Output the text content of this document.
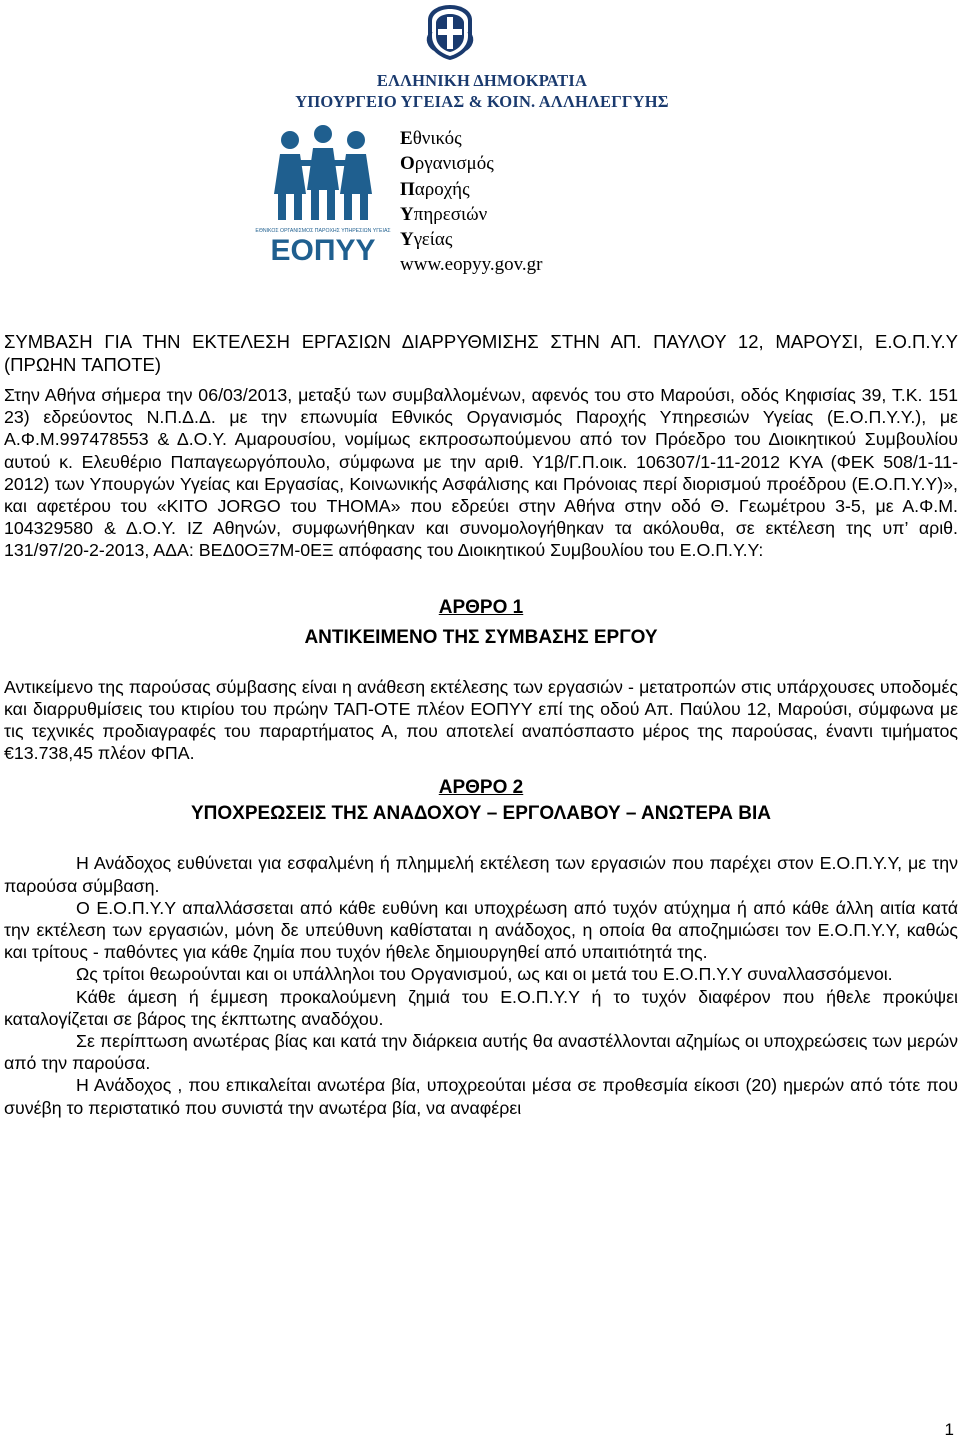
ΕΛΛΗΝΙΚΗ ΔΗΜΟΚΡΑΤΙΑ
ΥΠΟΥΡΓΕΙΟ ΥΓΕΙΑΣ & ΚΟΙΝ. ΑΛΛΗΛΕΓΓΥΗΣ
ΕΘΝΙΚΟΣ ΟΡΓΑΝΙΣΜΟΣ ΠΑΡΟΧΗΣ ΥΠΗΡΕΣΙΩΝ ΥΓΕΙΑΣ
ΕΟΠΥΥ
Εθνικός
Οργανισμός
Παροχής
Υπηρεσιών
Υγείας
www.eopyy.gov.gr

ΣΥΜΒΑΣΗ ΓΙΑ ΤΗΝ ΕΚΤΕΛΕΣΗ ΕΡΓΑΣΙΩΝ ΔΙΑΡΡΥΘΜΙΣΗΣ ΣΤΗΝ ΑΠ. ΠΑΥΛΟΥ 12, ΜΑΡΟΥΣΙ, Ε.Ο.Π.Υ.Υ (ΠΡΩΗΝ ΤΑΠΟΤΕ)

Στην Αθήνα σήμερα την 06/03/2013, μεταξύ των συμβαλλομένων, αφενός του στο Μαρούσι, οδός Κηφισίας 39, Τ.Κ. 151 23) εδρεύοντος Ν.Π.Δ.Δ. με την επωνυμία Εθνικός Οργανισμός Παροχής Υπηρεσιών Υγείας (Ε.Ο.Π.Υ.Υ.), με Α.Φ.Μ.997478553 & Δ.Ο.Υ. Αμαρουσίου, νομίμως εκπροσωπούμενου από τον Πρόεδρο του Διοικητικού Συμβουλίου αυτού κ. Ελευθέριο Παπαγεωργόπουλο, σύμφωνα με την αριθ. Υ1β/Γ.Π.οικ. 106307/1-11-2012 ΚΥΑ (ΦΕΚ 508/1-11-2012) των Υπουργών Υγείας και Εργασίας, Κοινωνικής Ασφάλισης και Πρόνοιας περί διορισμού προέδρου (Ε.Ο.Π.Υ.Υ)», και αφετέρου του «ΚΙΤΟ JORGO του THOMA» που εδρεύει στην Αθήνα στην οδό Θ. Γεωμέτρου 3-5, με Α.Φ.Μ. 104329580 & Δ.Ο.Υ. ΙΖ Αθηνών, συμφωνήθηκαν και συνομολογήθηκαν τα ακόλουθα, σε εκτέλεση της υπ’ αριθ. 131/97/20-2-2013, ΑΔΑ: ΒΕΔ0ΟΞ7Μ-0ΕΞ απόφασης του Διοικητικού Συμβουλίου του Ε.Ο.Π.Υ.Υ:

ΑΡΘΡΟ 1

ΑΝΤΙΚΕΙΜΕΝΟ ΤΗΣ ΣΥΜΒΑΣΗΣ ΕΡΓΟΥ

Αντικείμενο της παρούσας σύμβασης είναι η ανάθεση εκτέλεσης των εργασιών - μετατροπών στις υπάρχουσες υποδομές και διαρρυθμίσεις του κτιρίου του πρώην ΤΑΠ-ΟΤΕ πλέον ΕΟΠΥΥ επί της οδού Απ. Παύλου 12, Μαρούσι, σύμφωνα με τις τεχνικές προδιαγραφές του παραρτήματος Α, που αποτελεί αναπόσπαστο μέρος της παρούσας, έναντι τιμήματος €13.738,45 πλέον ΦΠΑ.

ΑΡΘΡΟ 2

ΥΠΟΧΡΕΩΣΕΙΣ ΤΗΣ ΑΝΑΔΟΧΟΥ – ΕΡΓΟΛΑΒΟΥ – ΑΝΩΤΕΡΑ ΒΙΑ

Η Ανάδοχος ευθύνεται για εσφαλμένη ή πλημμελή εκτέλεση των εργασιών που παρέχει στον Ε.Ο.Π.Υ.Υ, με την παρούσα σύμβαση.

Ο Ε.Ο.Π.Υ.Υ απαλλάσσεται από κάθε ευθύνη και υποχρέωση από τυχόν ατύχημα ή από κάθε άλλη αιτία κατά την εκτέλεση των εργασιών, μόνη δε υπεύθυνη καθίσταται η ανάδοχος, η οποία θα αποζημιώσει τον Ε.Ο.Π.Υ.Υ, καθώς και τρίτους - παθόντες για κάθε ζημία που τυχόν ήθελε δημιουργηθεί από υπαιτιότητά της.

Ως τρίτοι θεωρούνται και οι υπάλληλοι του Οργανισμού, ως και οι μετά του Ε.Ο.Π.Υ.Υ συναλλασσόμενοι.

Κάθε άμεση ή έμμεση προκαλούμενη ζημιά του Ε.Ο.Π.Υ.Υ ή το τυχόν διαφέρον που ήθελε προκύψει καταλογίζεται σε βάρος της έκπτωτης αναδόχου.

Σε περίπτωση ανωτέρας βίας και κατά την διάρκεια αυτής θα αναστέλλονται αζημίως οι υποχρεώσεις των μερών από την παρούσα.

Η Ανάδοχος , που επικαλείται ανωτέρα βία, υποχρεούται μέσα σε προθεσμία είκοσι (20) ημερών από τότε που συνέβη το περιστατικό που συνιστά την ανωτέρα βία, να αναφέρει

1
